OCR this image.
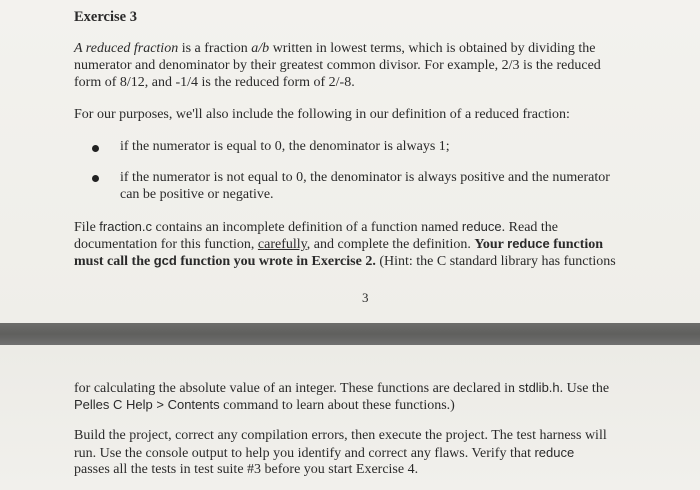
Exercise 3

A reduced fraction is a fraction a/b written in lowest terms, which is obtained by dividing the

numerator and denominator by their greatest common divisor. For example, 2/3 is the reduced

form of 8/12, and -1/4 is the reduced form of 2/-8.

For our purposes, we'll also include the following in our definition of a reduced fraction:

if the numerator is equal to 0, the denominator is always 1;

if the numerator is not equal to 0, the denominator is always positive and the numerator

can be positive or negative.

File fraction.c contains an incomplete definition of a function named reduce. Read the

documentation for this function, carefully, and complete the definition. Your reduce function

must call the gcd function you wrote in Exercise 2. (Hint: the C standard library has functions

3

for calculating the absolute value of an integer. These functions are declared in stdlib.h. Use the

Pelles C Help > Contents command to learn about these functions.)

Build the project, correct any compilation errors, then execute the project. The test harness will

run. Use the console output to help you identify and correct any flaws. Verify that reduce

passes all the tests in test suite #3 before you start Exercise 4.
